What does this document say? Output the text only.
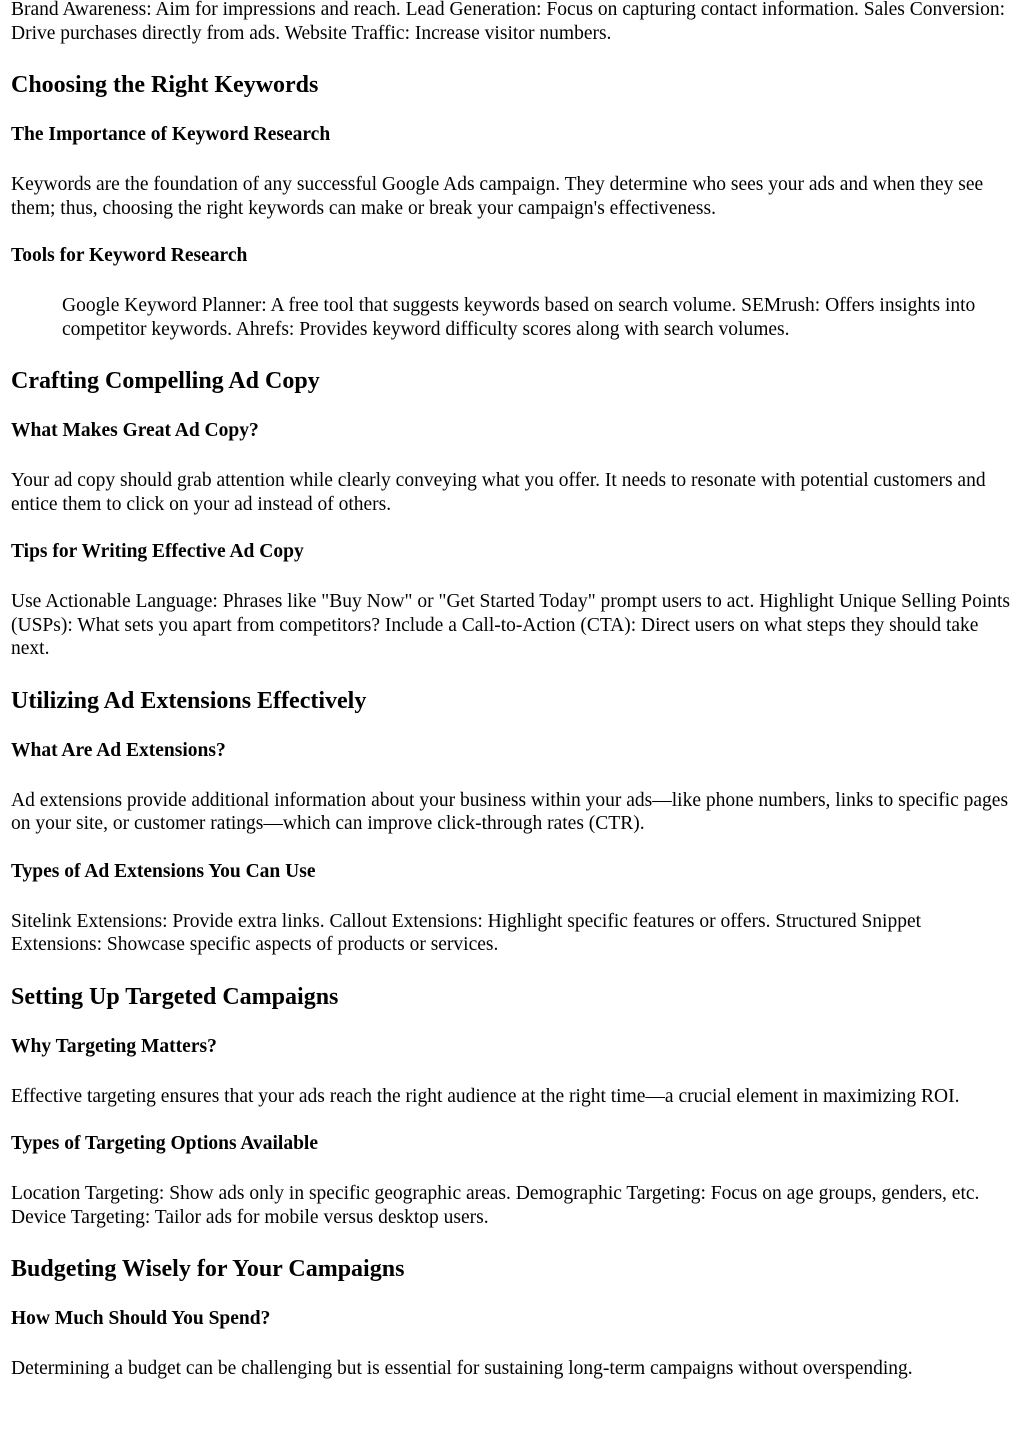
Brand Awareness: Aim for impressions and reach. Lead Generation: Focus on capturing contact information. Sales Conversion: Drive purchases directly from ads. Website Traffic: Increase visitor numbers.

Choosing the Right Keywords
The Importance of Keyword Research

Keywords are the foundation of any successful Google Ads campaign. They determine who sees your ads and when they see them; thus, choosing the right keywords can make or break your campaign's effectiveness.

Tools for Keyword Research

Google Keyword Planner: A free tool that suggests keywords based on search volume. SEMrush: Offers insights into competitor keywords. Ahrefs: Provides keyword difficulty scores along with search volumes.

Crafting Compelling Ad Copy
What Makes Great Ad Copy?

Your ad copy should grab attention while clearly conveying what you offer. It needs to resonate with potential customers and entice them to click on your ad instead of others.

Tips for Writing Effective Ad Copy

Use Actionable Language: Phrases like "Buy Now" or "Get Started Today" prompt users to act. Highlight Unique Selling Points (USPs): What sets you apart from competitors? Include a Call-to-Action (CTA): Direct users on what steps they should take next.

Utilizing Ad Extensions Effectively
What Are Ad Extensions?

Ad extensions provide additional information about your business within your ads—like phone numbers, links to specific pages on your site, or customer ratings—which can improve click-through rates (CTR).

Types of Ad Extensions You Can Use

Sitelink Extensions: Provide extra links. Callout Extensions: Highlight specific features or offers. Structured Snippet Extensions: Showcase specific aspects of products or services.

Setting Up Targeted Campaigns
Why Targeting Matters?

Effective targeting ensures that your ads reach the right audience at the right time—a crucial element in maximizing ROI.

Types of Targeting Options Available

Location Targeting: Show ads only in specific geographic areas. Demographic Targeting: Focus on age groups, genders, etc. Device Targeting: Tailor ads for mobile versus desktop users.

Budgeting Wisely for Your Campaigns
How Much Should You Spend?

Determining a budget can be challenging but is essential for sustaining long-term campaigns without overspending.
